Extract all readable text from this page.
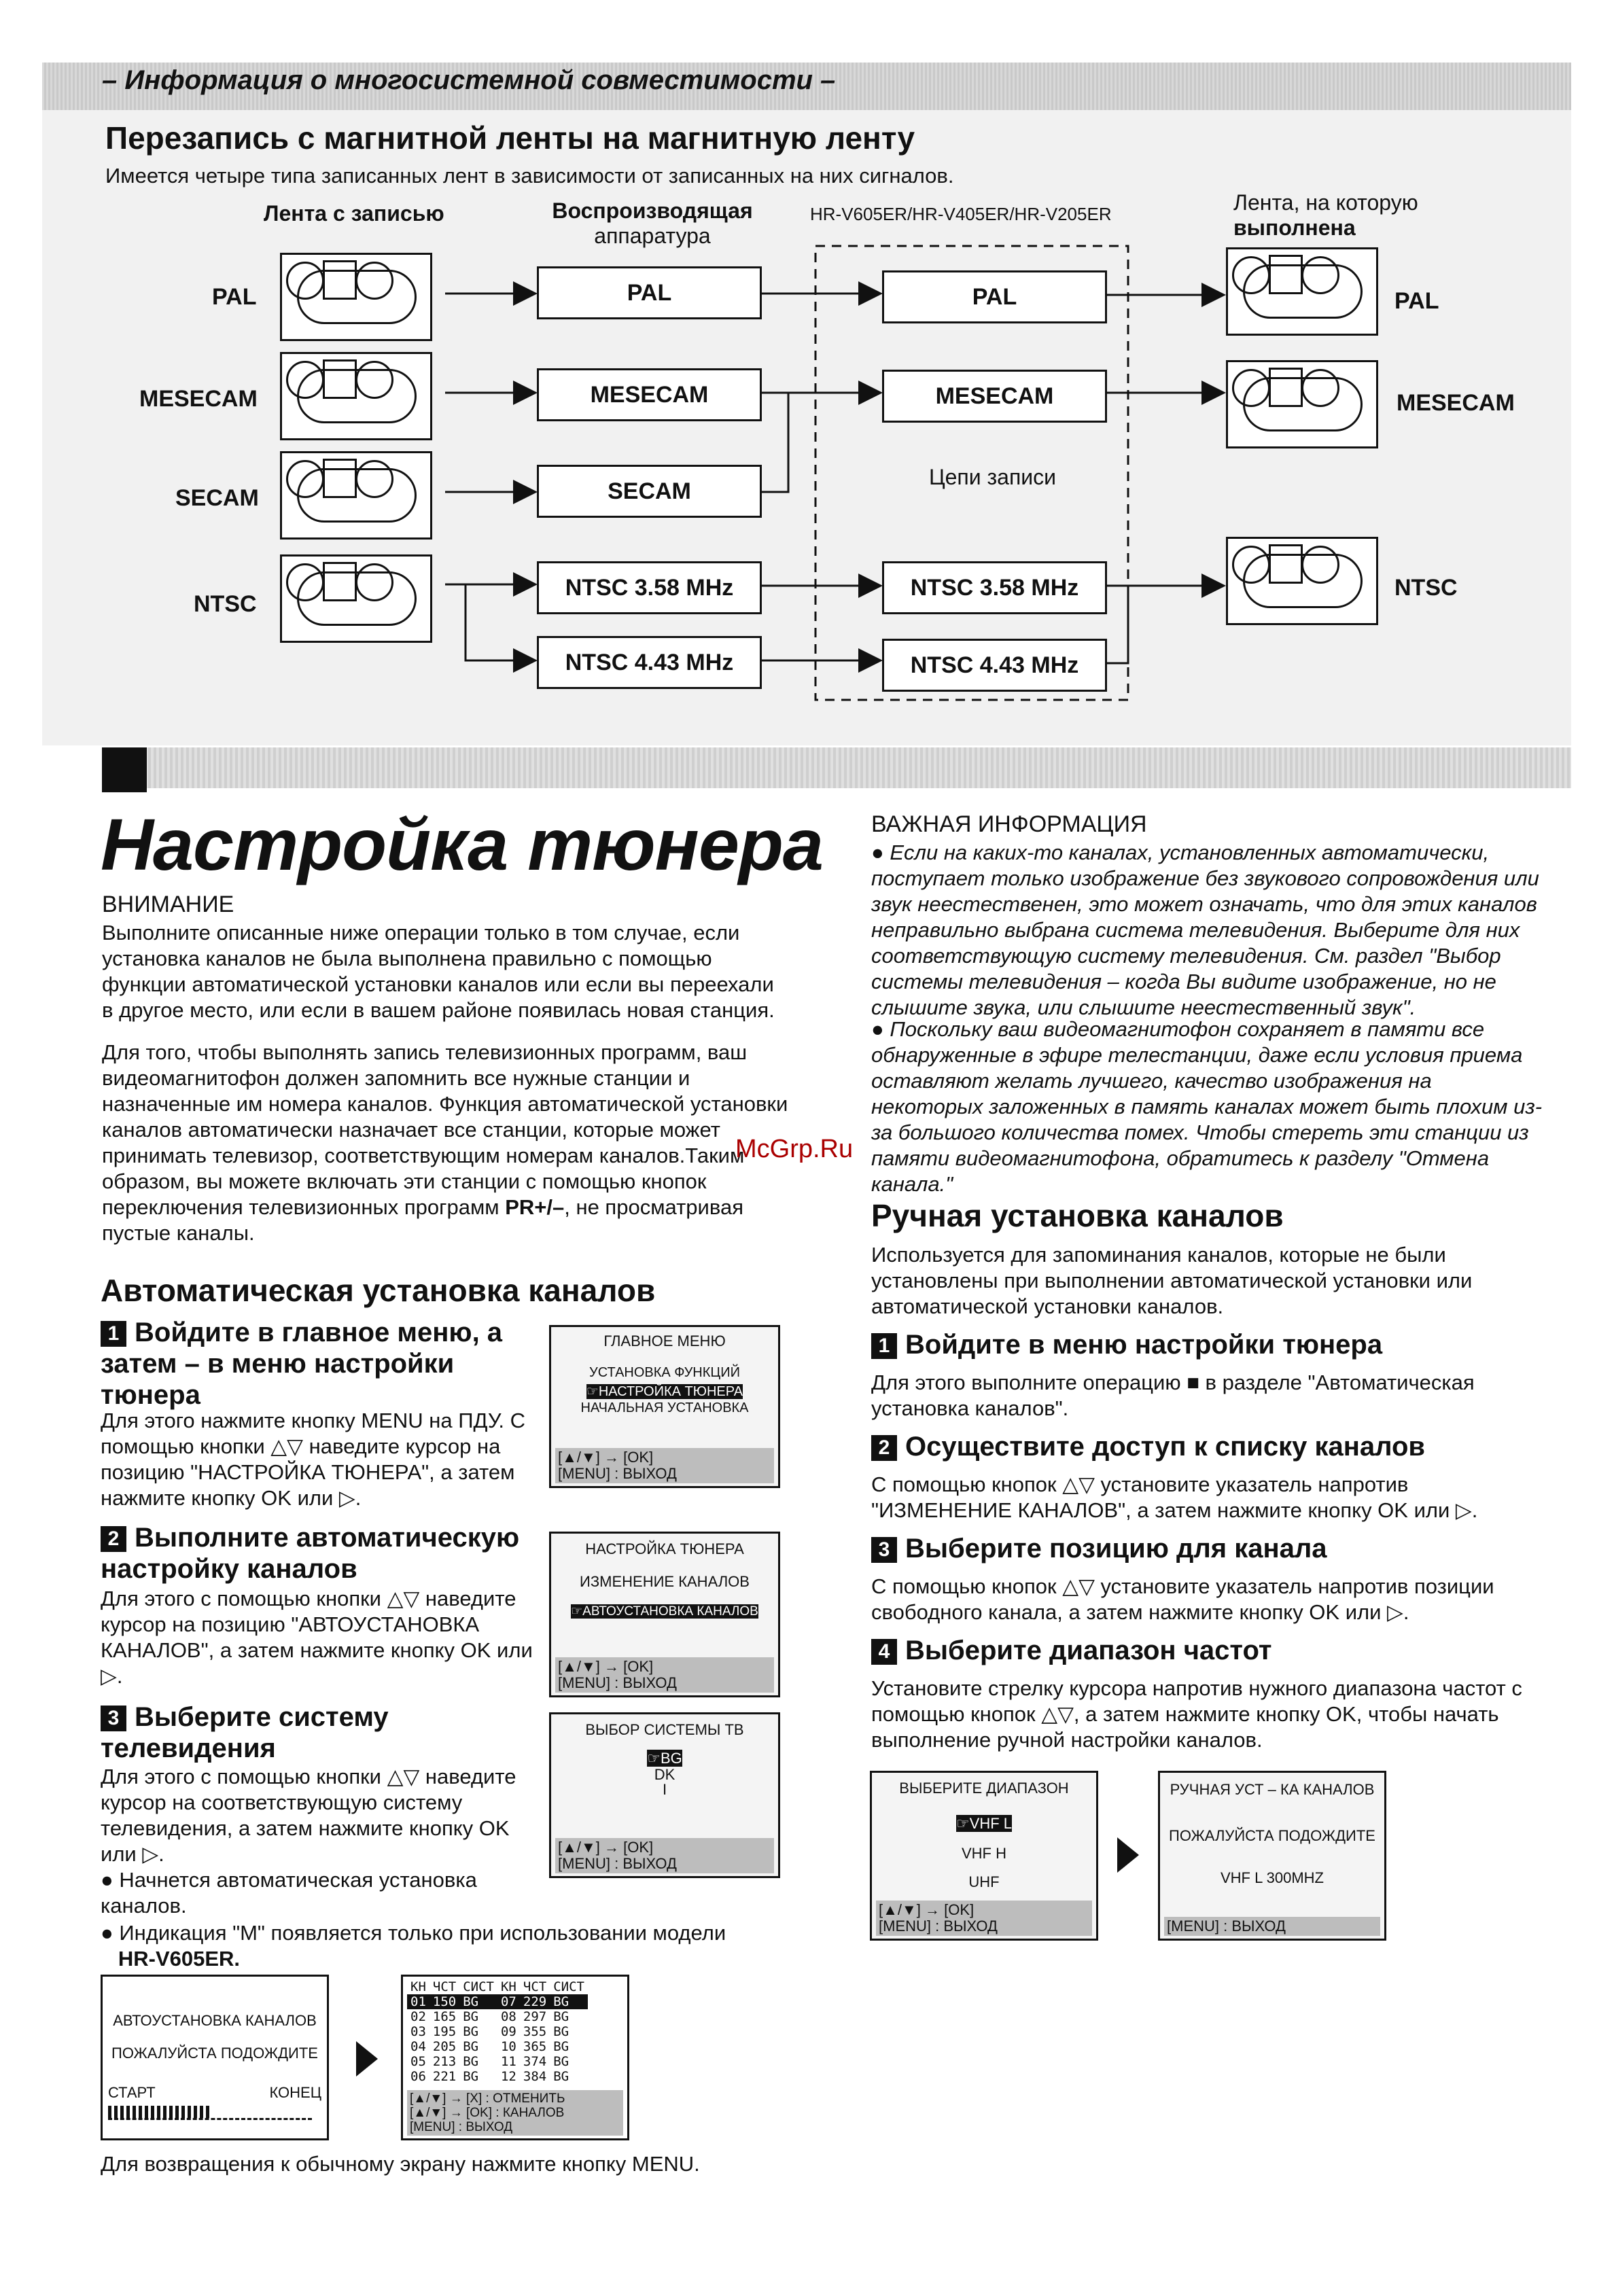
– Информация о многосистемной совместимости –
Перезапись с магнитной ленты на магнитную ленту
Имеется четыре типа записанных лент в зависимости от записанных на них сигналов.
Лента с записью	Воспроизводящая
аппаратура
HR-V605ER/HR-V405ER/HR-V205ER	Лента, на которую
выполнена
PAL
MESECAM
SECAM
NTSC
PAL
MESECAM
SECAM
NTSC 3.58 MHz
NTSC 4.43 MHz
PAL
MESECAM
Цепи записи
NTSC 3.58 MHz
NTSC 4.43 MHz
PAL
MESECAM
NTSC
Настройка тюнера
ВНИМАНИЕ
Выполните описанные ниже операции только в том случае, если установка каналов не была выполнена правильно с помощью функции автоматической установки каналов или если вы переехали в другое место, или если в вашем районе появилась новая станция.
Для того, чтобы выполнять запись телевизионных программ, ваш видеомагнитофон должен запомнить все нужные станции и назначенные им номера каналов. Функция автоматической установки каналов автоматически назначает все станции, которые может принимать телевизор, соответствующим номерам каналов.Таким образом, вы можете включать эти станции с помощью кнопок переключения телевизионных программ PR+/–, не просматривая пустые каналы.
McGrp.Ru
Автоматическая установка каналов
1 Войдите в главное меню, а затем – в меню настройки тюнера
Для этого нажмите кнопку MENU на ПДУ. С помощью кнопки △▽ наведите курсор на позицию "НАСТРОЙКА ТЮНЕРА", а затем нажмите кнопку OK или ▷.
2 Выполните автоматическую настройку каналов
Для этого с помощью кнопки △▽ наведите курсор на позицию "АВТОУСТАНОВКА КАНАЛОВ", а затем нажмите кнопку OK или ▷.
3 Выберите систему телевидения
Для этого с помощью кнопки △▽ наведите курсор на соответствующую систему телевидения, а затем нажмите кнопку OK или ▷.
● Начнется автоматическая установка каналов.
● Индикация "M" появляется только при использовании модели
HR-V605ER.
ГЛАВНОЕ МЕНЮ
УСТАНОВКА ФУНКЦИЙ
☞НАСТРОЙКА ТЮНЕРА
НАЧАЛЬНАЯ УСТАНОВКА
[▲/▼] → [OK]
[MENU] : ВЫХОД
НАСТРОЙКА ТЮНЕРА
ИЗМЕНЕНИЕ КАНАЛОВ
☞АВТОУСТАНОВКА КАНАЛОВ
[▲/▼] → [OK]
[MENU] : ВЫХОД
ВЫБОР СИСТЕМЫ ТВ
☞BG
DK
I
[▲/▼] → [OK]
[MENU] : ВЫХОД
АВТОУСТАНОВКА КАНАЛОВ
ПОЖАЛУЙСТА ПОДОЖДИТЕ
СТАРТ	КОНЕЦ
КН	ЧСТ	СИСТ	КН	ЧСТ	СИСТ
01	150	BG	07	229	BG
02	165	BG	08	297	BG
03	195	BG	09	355	BG
04	205	BG	10	365	BG
05	213	BG	11	374	BG
06	221	BG	12	384	BG
[▲/▼] → [X] : ОТМЕНИТЬ
[▲/▼] → [OK] : КАНАЛОВ
[MENU] : ВЫХОД
Для возвращения к обычному экрану нажмите кнопку MENU.
ВАЖНАЯ ИНФОРМАЦИЯ
● Если на каких-то каналах, установленных автоматически, поступает только изображение без звукового сопровождения или звук неестественен, это может означать, что для этих каналов неправильно выбрана система телевидения. Выберите для них соответствующую систему телевидения. См. раздел "Выбор системы телевидения – когда Вы видите изображение, но не слышите звука, или слышите неестественный звук".
● Поскольку ваш видеомагнитофон сохраняет в памяти все обнаруженные в эфире телестанции, даже если условия приема оставляют желать лучшего, качество изображения на некоторых заложенных в память каналах может быть плохим из-за большого количества помех. Чтобы стереть эти станции из памяти видеомагнитофона, обратитесь к разделу "Отмена канала."
Ручная установка каналов
Используется для запоминания каналов, которые не были установлены при выполнении автоматической установки или автоматической установки каналов.
1 Войдите в меню настройки тюнера
Для этого выполните операцию ■ в разделе "Автоматическая установка каналов".
2 Осуществите доступ к списку каналов
С помощью кнопок △▽ установите указатель напротив "ИЗМЕНЕНИЕ КАНАЛОВ", а затем нажмите кнопку OK или ▷.
3 Выберите позицию для канала
С помощью кнопок △▽ установите указатель напротив позиции свободного канала, а затем нажмите кнопку OK или ▷.
4 Выберите диапазон частот
Установите стрелку курсора напротив нужного диапазона частот с помощью кнопок △▽, а затем нажмите кнопку OK, чтобы начать выполнение ручной настройки каналов.
ВЫБЕРИТЕ ДИАПАЗОН
☞VHF L
VHF H
UHF
[▲/▼] → [OK]
[MENU] : ВЫХОД
РУЧНАЯ УСТ – КА КАНАЛОВ
ПОЖАЛУЙСТА ПОДОЖДИТЕ
VHF L 300MHZ
[MENU] : ВЫХОД
